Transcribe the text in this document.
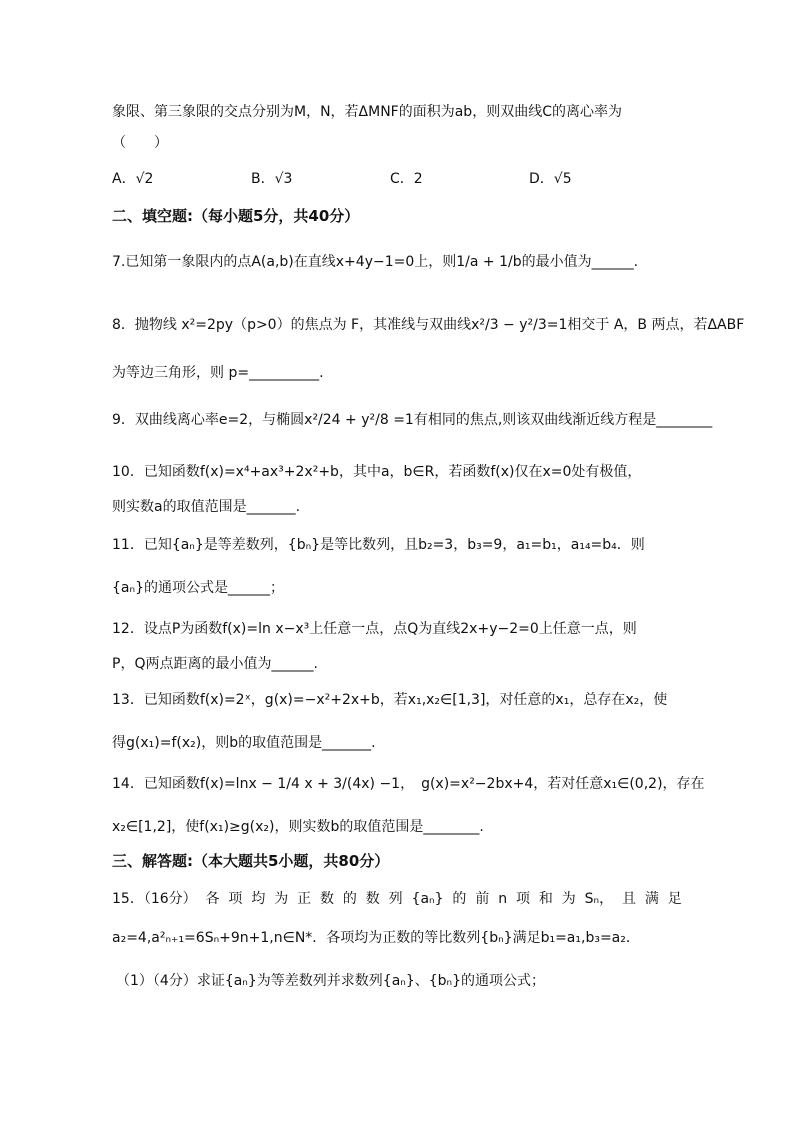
象限、第三象限的交点分别为M，N，若ΔMNF的面积为ab，则双曲线C的离心率为
（　　）
A．√2	B．√3	C．2	D．√5
二、填空题:（每小题5分，共40分）
7.已知第一象限内的点A(a,b)在直线x+4y−1=0上，则1/a + 1/b的最小值为______.
8．抛物线 x²=2py（p>0）的焦点为 F，其准线与双曲线x²/3 − y²/3=1相交于 A，B 两点，若ΔABF
为等边三角形，则 p=__________.
9．双曲线离心率e=2，与椭圆x²/24 + y²/8 =1有相同的焦点,则该双曲线渐近线方程是________
10．已知函数f(x)=x⁴+ax³+2x²+b，其中a，b∈R，若函数f(x)仅在x=0处有极值，
则实数a的取值范围是_______.
11．已知{aₙ}是等差数列，{bₙ}是等比数列，且b₂=3，b₃=9，a₁=b₁，a₁₄=b₄．则
{aₙ}的通项公式是______；
12．设点P为函数f(x)=ln x−x³上任意一点，点Q为直线2x+y−2=0上任意一点，则
P，Q两点距离的最小值为______.
13．已知函数f(x)=2ˣ，g(x)=−x²+2x+b，若x₁,x₂∈[1,3]，对任意的x₁，总存在x₂，使
得g(x₁)=f(x₂)，则b的取值范围是_______.
14．已知函数f(x)=lnx − 1/4 x + 3/(4x) −1，　g(x)=x²−2bx+4，若对任意x₁∈(0,2)，存在
x₂∈[1,2]，使f(x₁)≥g(x₂)，则实数b的取值范围是________.
三、解答题:（本大题共5小题，共80分）
15．（16分） 各 项 均 为 正 数 的 数 列 {aₙ} 的 前 n 项 和 为 Sₙ， 且 满 足
a₂=4,a²ₙ₊₁=6Sₙ+9n+1,n∈N*．各项均为正数的等比数列{bₙ}满足b₁=a₁,b₃=a₂．
（1）（4分）求证{aₙ}为等差数列并求数列{aₙ}、{bₙ}的通项公式；
